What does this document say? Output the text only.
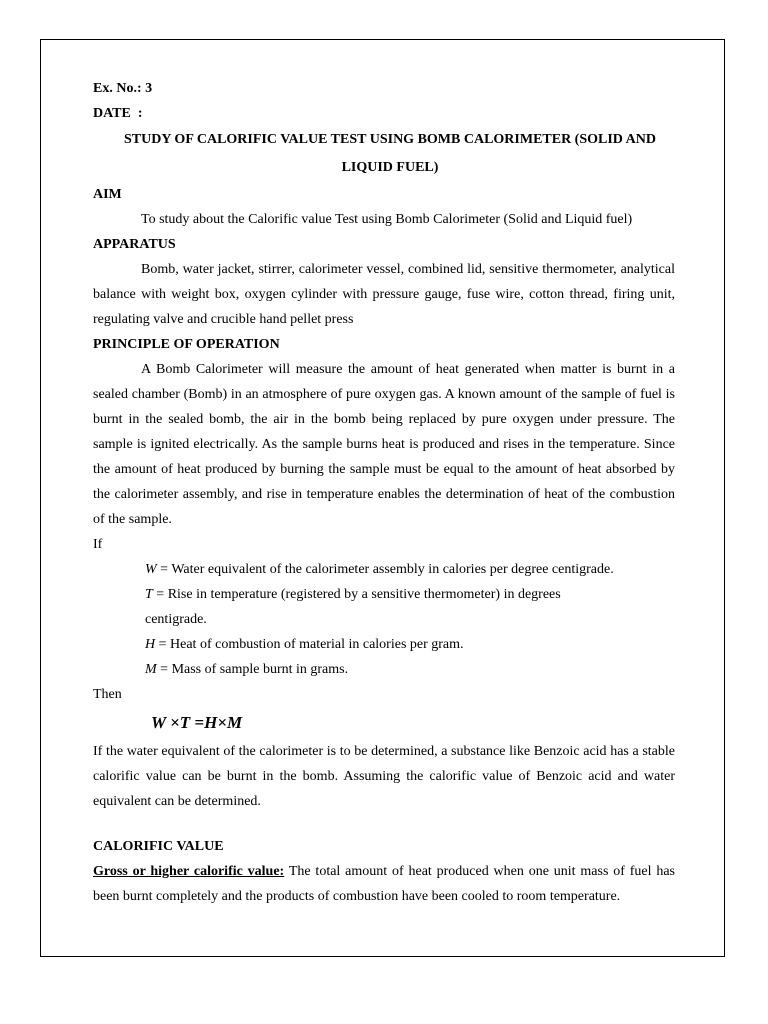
Ex. No.: 3
DATE  :
STUDY OF CALORIFIC VALUE TEST USING BOMB CALORIMETER (SOLID AND LIQUID FUEL)
AIM

To study about the Calorific value Test using Bomb Calorimeter (Solid and Liquid fuel)

APPARATUS

Bomb, water jacket, stirrer, calorimeter vessel, combined lid, sensitive thermometer, analytical balance with weight box, oxygen cylinder with pressure gauge, fuse wire, cotton thread, firing unit, regulating valve and crucible hand pellet press

PRINCIPLE OF OPERATION

A Bomb Calorimeter will measure the amount of heat generated when matter is burnt in a sealed chamber (Bomb) in an atmosphere of pure oxygen gas. A known amount of the sample of fuel is burnt in the sealed bomb, the air in the bomb being replaced by pure oxygen under pressure. The sample is ignited electrically. As the sample burns heat is produced and rises in the temperature. Since the amount of heat produced by burning the sample must be equal to the amount of heat absorbed by the calorimeter assembly, and rise in temperature enables the determination of heat of the combustion of the sample.

If
W = Water equivalent of the calorimeter assembly in calories per degree centigrade.
T = Rise in temperature (registered by a sensitive thermometer) in degrees centigrade.
H = Heat of combustion of material in calories per gram.
M = Mass of sample burnt in grams.
Then
W ×T =H×M

If the water equivalent of the calorimeter is to be determined, a substance like Benzoic acid has a stable calorific value can be burnt in the bomb. Assuming the calorific value of Benzoic acid and water equivalent can be determined.

CALORIFIC VALUE

Gross or higher calorific value: The total amount of heat produced when one unit mass of fuel has been burnt completely and the products of combustion have been cooled to room temperature.
